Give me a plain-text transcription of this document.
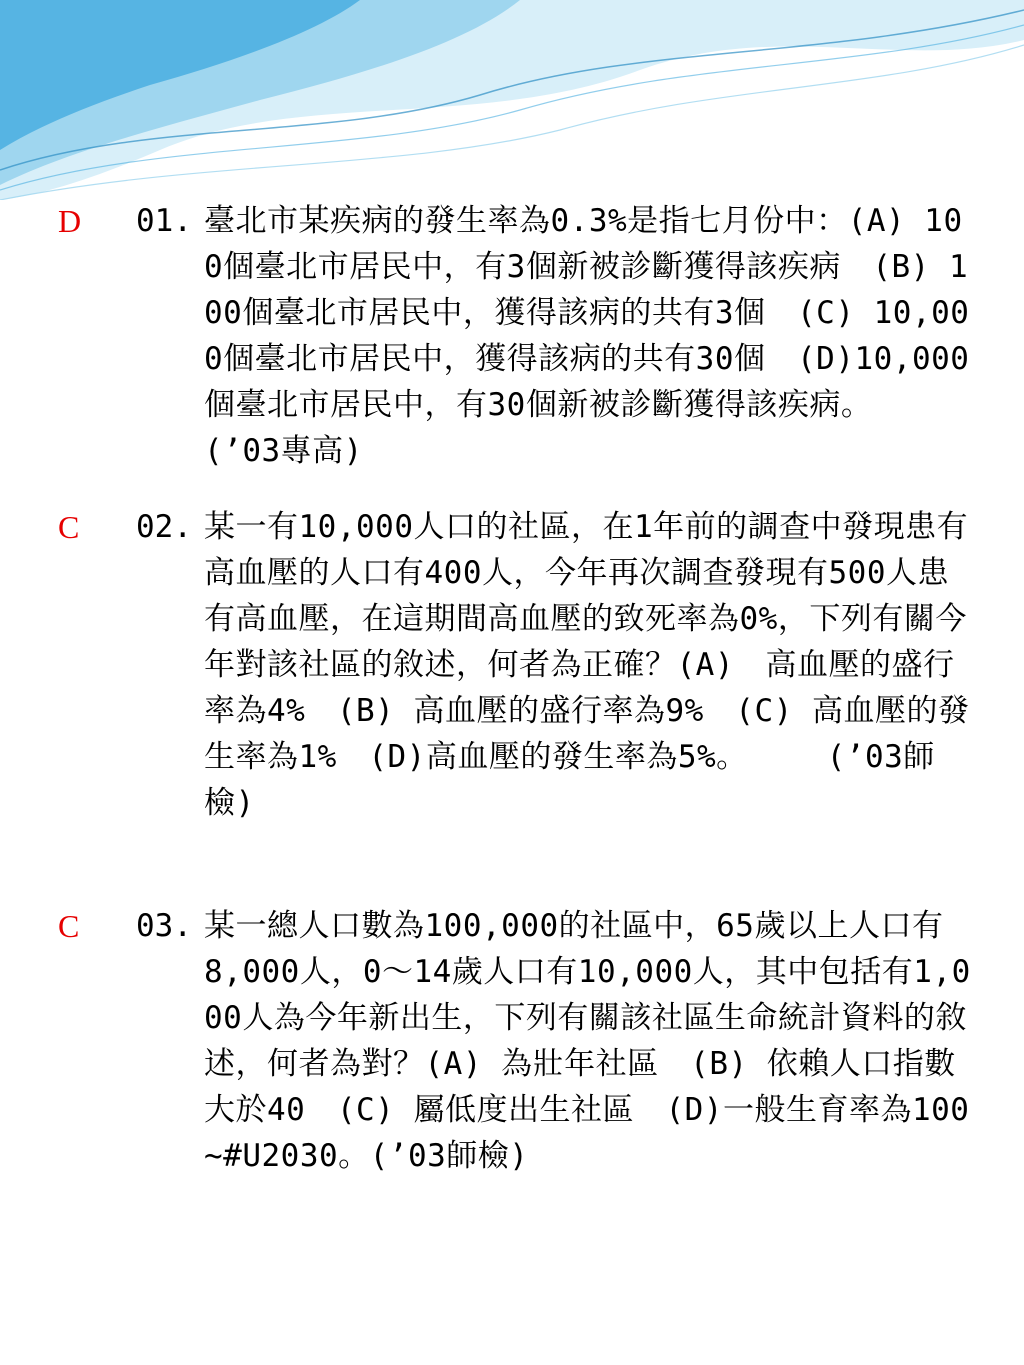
D	01. 臺北市某疾病的發生率為0.3%是指七月份中：(A) 100個臺北市居民中，有3個新被診斷獲得該疾病　(B) 100個臺北市居民中，獲得該病的共有3個　(C) 10,000個臺北市居民中，獲得該病的共有30個　(D)10,000個臺北市居民中，有30個新被診斷獲得該疾病。　　　(’03專高)
C	02. 某一有10,000人口的社區，在1年前的調查中發現患有高血壓的人口有400人，今年再次調查發現有500人患有高血壓，在這期間高血壓的致死率為0%，下列有關今年對該社區的敘述，何者為正確？(A)　高血壓的盛行率為4%　(B) 高血壓的盛行率為9%　(C) 高血壓的發生率為1%　(D)高血壓的發生率為5%。　　　(’03師檢)
C	03. 某一總人口數為100,000的社區中，65歲以上人口有8,000人，0～14歲人口有10,000人，其中包括有1,000人為今年新出生，下列有關該社區生命統計資料的敘述，何者為對？(A) 為壯年社區　(B) 依賴人口指數大於40　(C) 屬低度出生社區　(D)一般生育率為100~#U2030。(’03師檢)
